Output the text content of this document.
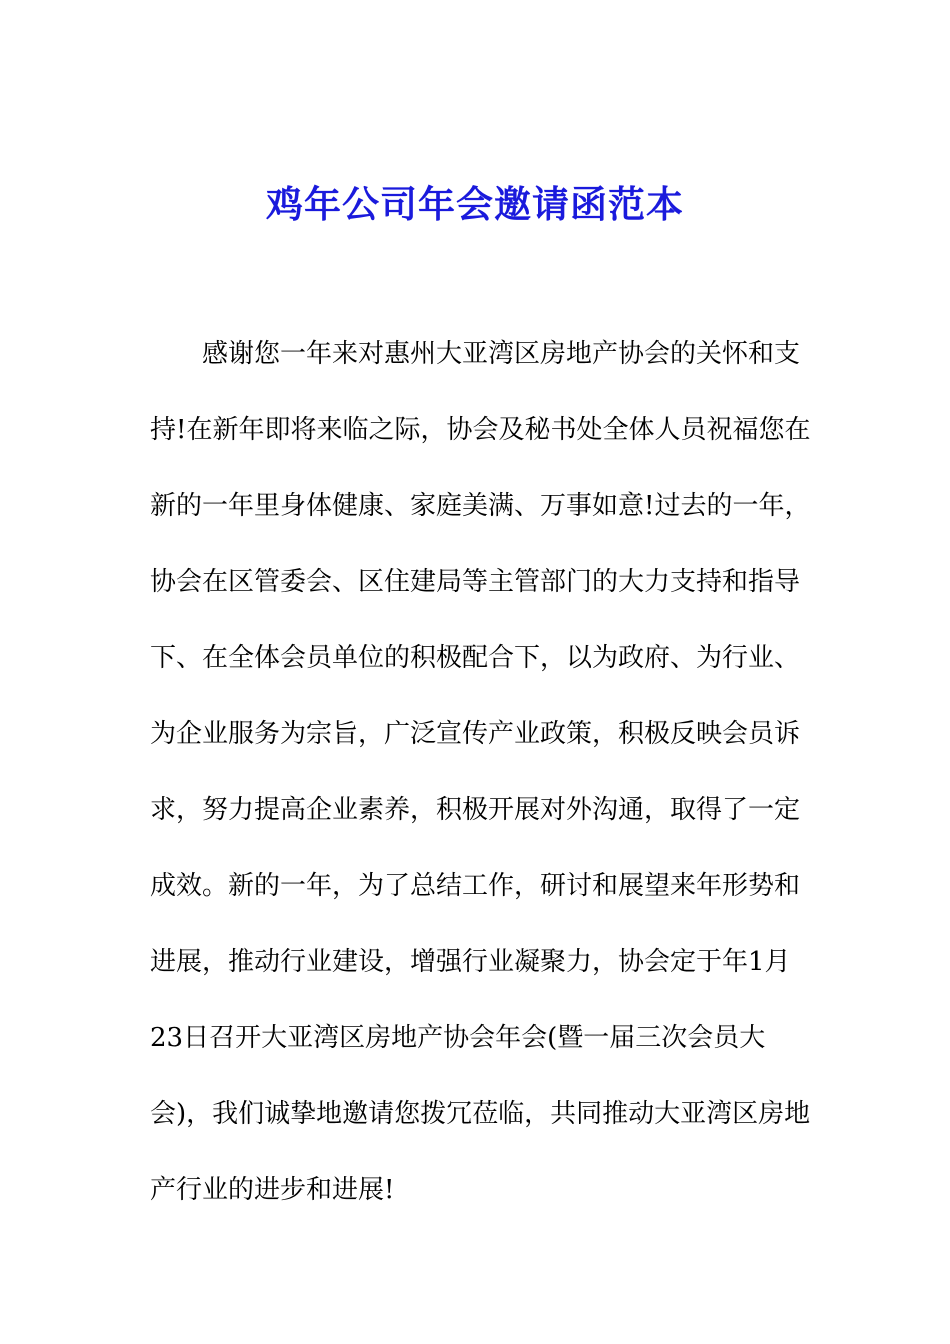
鸡年公司年会邀请函范本
感谢您一年来对惠州大亚湾区房地产协会的关怀和支
持!在新年即将来临之际，协会及秘书处全体人员祝福您在
新的一年里身体健康、家庭美满、万事如意!过去的一年，
协会在区管委会、区住建局等主管部门的大力支持和指导
下、在全体会员单位的积极配合下，以为政府、为行业、
为企业服务为宗旨，广泛宣传产业政策，积极反映会员诉
求，努力提高企业素养，积极开展对外沟通，取得了一定
成效。新的一年，为了总结工作，研讨和展望来年形势和
进展，推动行业建设，增强行业凝聚力，协会定于年1月
23日召开大亚湾区房地产协会年会(暨一届三次会员大
会)，我们诚挚地邀请您拨冗莅临，共同推动大亚湾区房地
产行业的进步和进展!
